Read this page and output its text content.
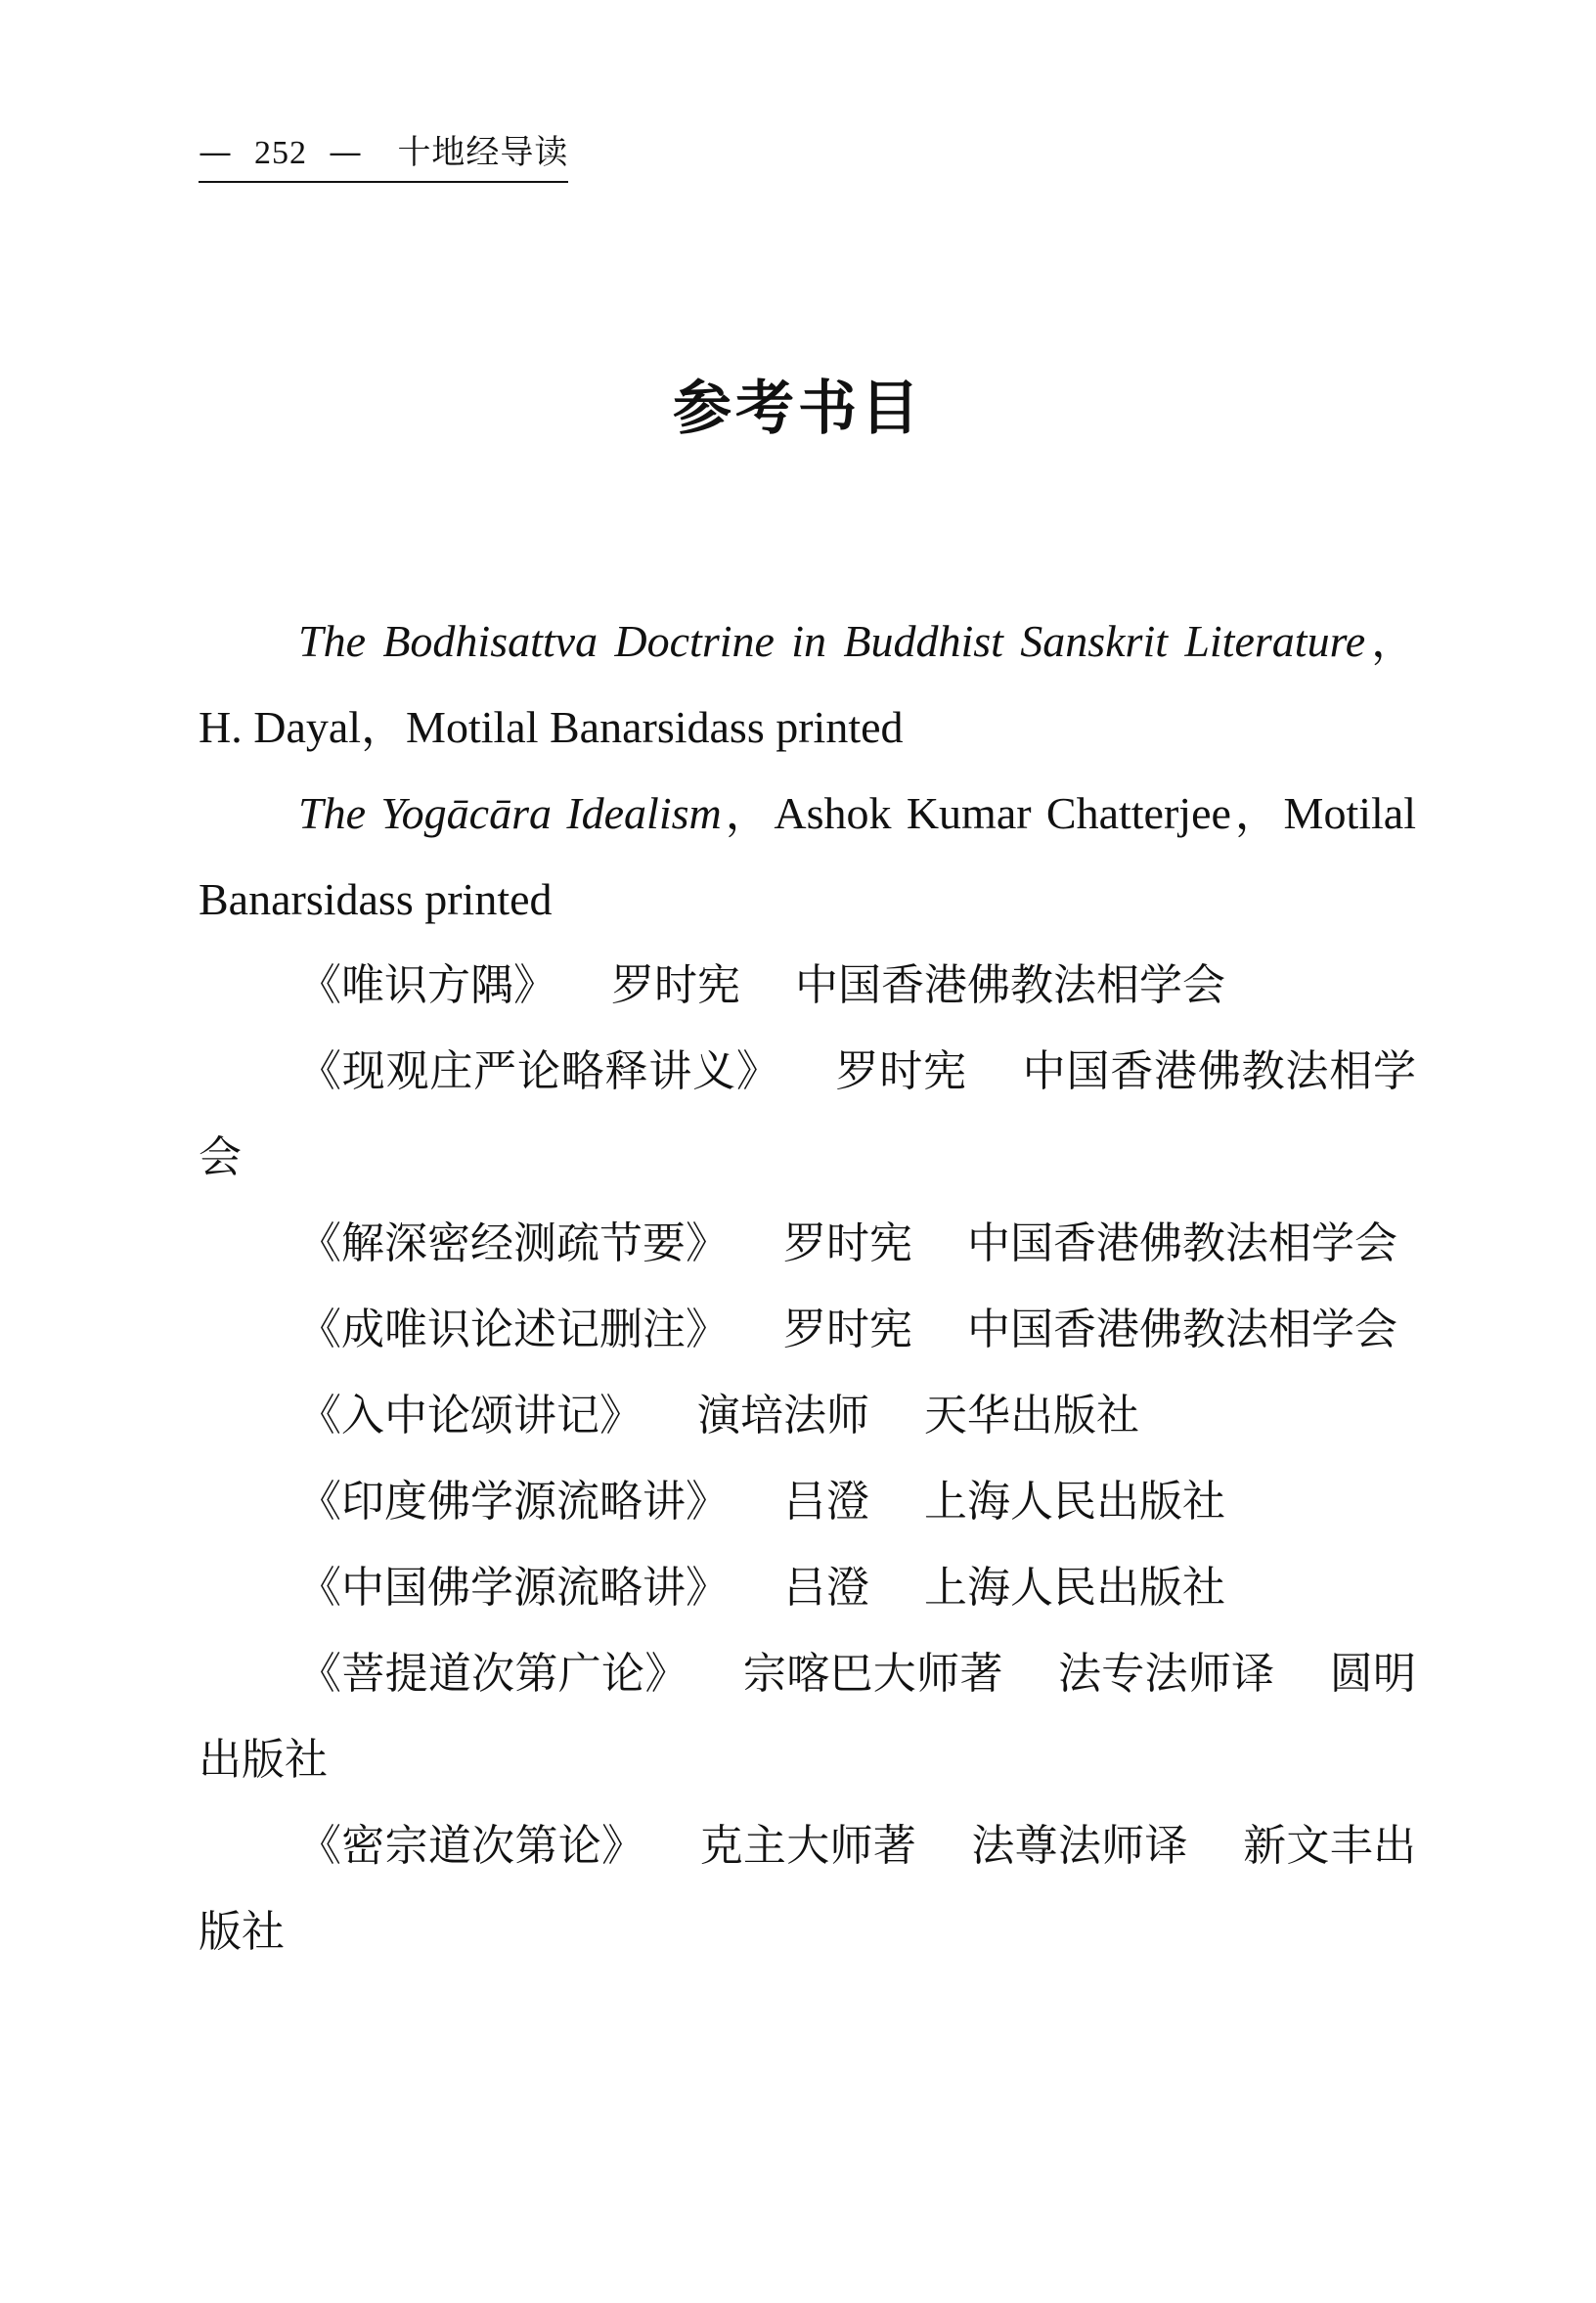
— 252 — 十地经导读
参考书目

The Bodhisattva Doctrine in Buddhist Sanskrit Literature， H. Dayal，Motilal Banarsidass printed

The Yogācāra Idealism，Ashok Kumar Chatterjee，Motilal Banarsidass printed

《唯识方隅》 罗时宪 中国香港佛教法相学会

《现观庄严论略释讲义》 罗时宪 中国香港佛教法相学会

《解深密经测疏节要》 罗时宪 中国香港佛教法相学会

《成唯识论述记删注》 罗时宪 中国香港佛教法相学会

《入中论颂讲记》 演培法师 天华出版社

《印度佛学源流略讲》 吕澄 上海人民出版社

《中国佛学源流略讲》 吕澄 上海人民出版社

《菩提道次第广论》 宗喀巴大师著 法专法师译 圆明出版社

《密宗道次第论》 克主大师著 法尊法师译 新文丰出版社
